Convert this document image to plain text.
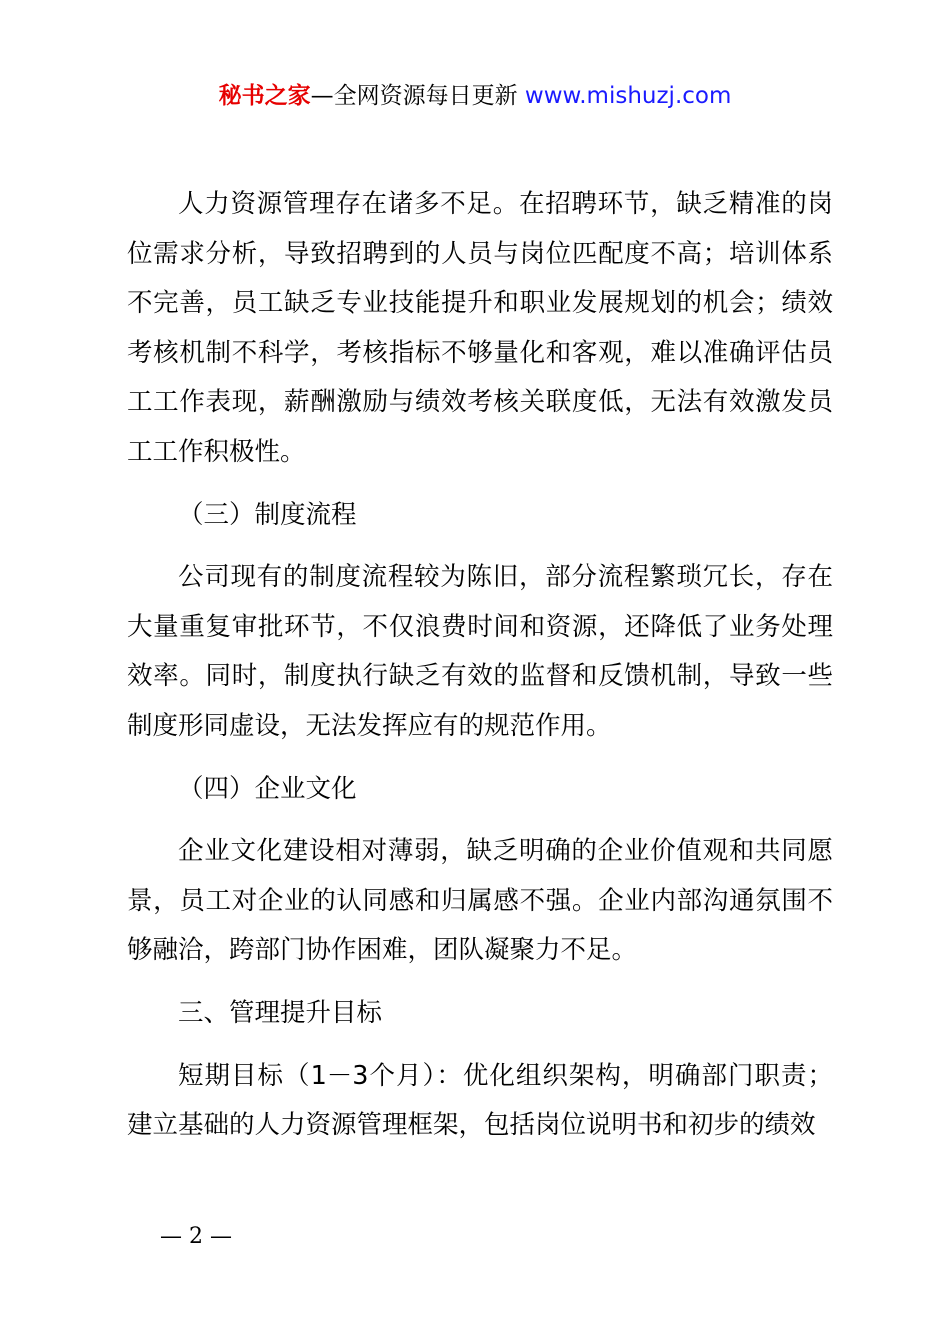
秘书之家—全网资源每日更新 www.mishuzj.com

人力资源管理存在诸多不足。在招聘环节，缺乏精准的岗位需求分析，导致招聘到的人员与岗位匹配度不高；培训体系不完善，员工缺乏专业技能提升和职业发展规划的机会；绩效考核机制不科学，考核指标不够量化和客观，难以准确评估员工工作表现，薪酬激励与绩效考核关联度低，无法有效激发员工工作积极性。

（三）制度流程

公司现有的制度流程较为陈旧，部分流程繁琐冗长，存在大量重复审批环节，不仅浪费时间和资源，还降低了业务处理效率。同时，制度执行缺乏有效的监督和反馈机制，导致一些制度形同虚设，无法发挥应有的规范作用。

（四）企业文化

企业文化建设相对薄弱，缺乏明确的企业价值观和共同愿景，员工对企业的认同感和归属感不强。企业内部沟通氛围不够融洽，跨部门协作困难，团队凝聚力不足。

三、管理提升目标

短期目标（1－3个月）：优化组织架构，明确部门职责；建立基础的人力资源管理框架，包括岗位说明书和初步的绩效

— 2 —
